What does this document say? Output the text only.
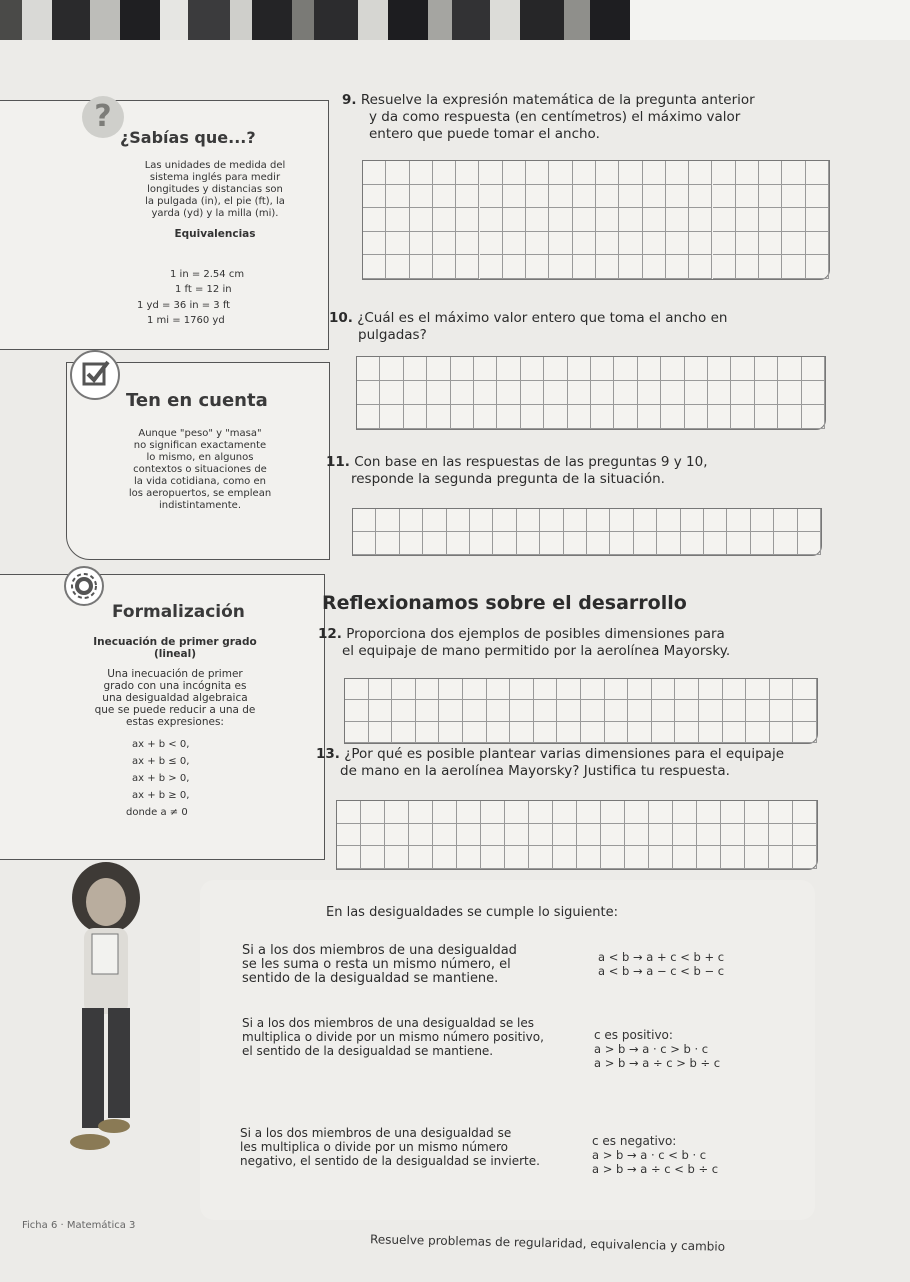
?
¿Sabías que...?
Las unidades de medida del
sistema inglés para medir
longitudes y distancias son
la pulgada (in), el pie (ft), la
yarda (yd) y la milla (mi).
Equivalencias
1 in = 2.54 cm
1 ft = 12 in
1 yd = 36 in = 3 ft
1 mi = 1760 yd
Ten en cuenta
Aunque "peso" y "masa"
no significan exactamente
lo mismo, en algunos
contextos o situaciones de
la vida cotidiana, como en
los aeropuertos, se emplean
indistintamente.
Formalización
Inecuación de primer grado
(lineal)
Una inecuación de primer
grado con una incógnita es
una desigualdad algebraica
que se puede reducir a una de
estas expresiones:
ax + b < 0,
ax + b ≤ 0,
ax + b > 0,
ax + b ≥ 0,
donde a ≠ 0
9. Resuelve la expresión matemática de la pregunta anterior
y da como respuesta (en centímetros) el máximo valor
entero que puede tomar el ancho.
10. ¿Cuál es el máximo valor entero que toma el ancho en
pulgadas?
11. Con base en las respuestas de las preguntas 9 y 10,
responde la segunda pregunta de la situación.
Reflexionamos sobre el desarrollo
12. Proporciona dos ejemplos de posibles dimensiones para
el equipaje de mano permitido por la aerolínea Mayorsky.
13. ¿Por qué es posible plantear varias dimensiones para el equipaje
de mano en la aerolínea Mayorsky? Justifica tu respuesta.
En las desigualdades se cumple lo siguiente:
Si a los dos miembros de una desigualdad
se les suma o resta un mismo número, el
sentido de la desigualdad se mantiene.
a < b → a + c < b + c
a < b → a − c < b − c
Si a los dos miembros de una desigualdad se les
multiplica o divide por un mismo número positivo,
el sentido de la desigualdad se mantiene.
c es positivo:
a > b → a · c > b · c
a > b → a ÷ c > b ÷ c
Si a los dos miembros de una desigualdad se
les multiplica o divide por un mismo número
negativo, el sentido de la desigualdad se invierte.
c es negativo:
a > b → a · c < b · c
a > b → a ÷ c < b ÷ c
Ficha 6 · Matemática 3
Resuelve problemas de regularidad, equivalencia y cambio
